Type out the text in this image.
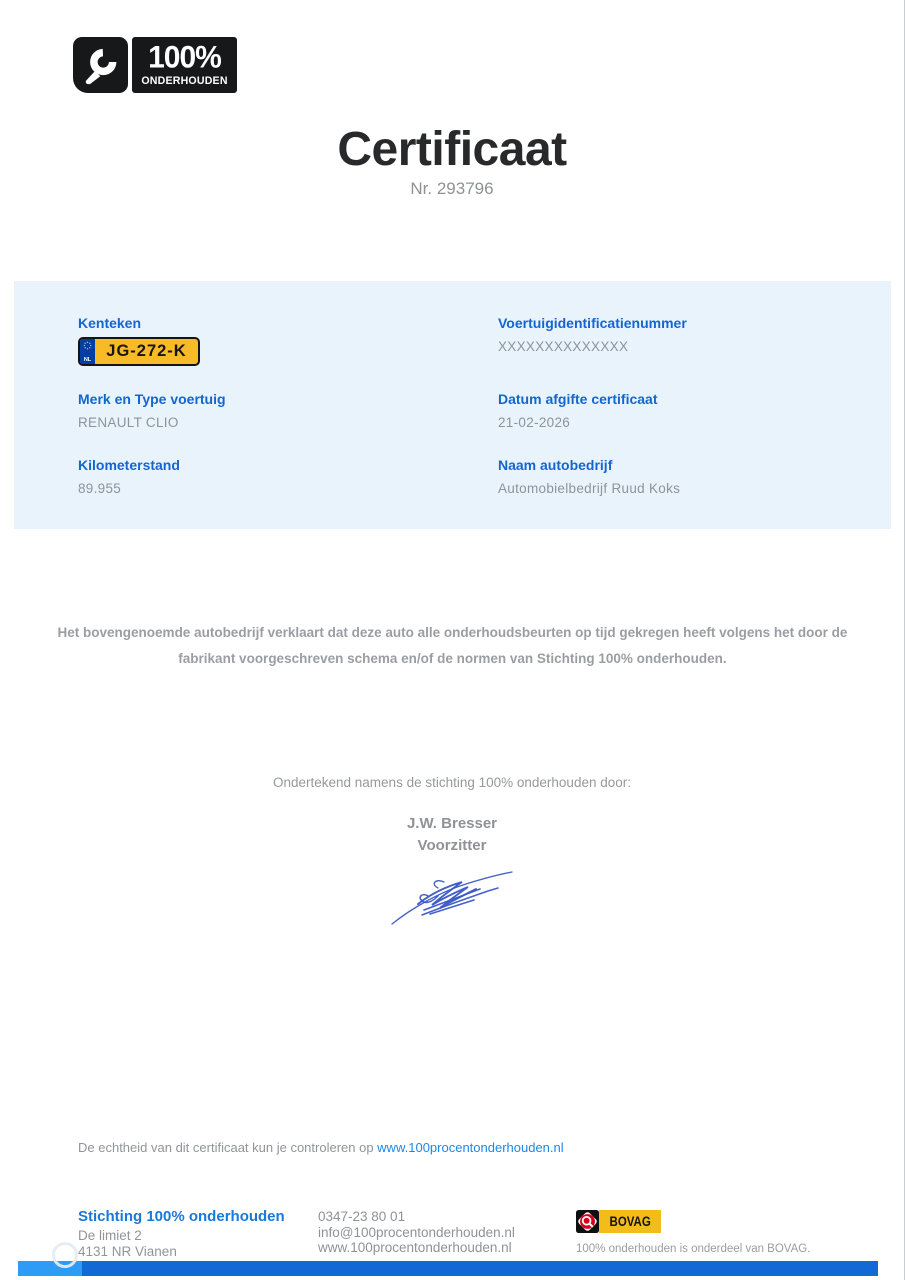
100%
ONDERHOUDEN
Certificaat
Nr. 293796
Kenteken
NL JG-272-K
Voertuigidentificatienummer
XXXXXXXXXXXXXX
Merk en Type voertuig
RENAULT CLIO
Datum afgifte certificaat
21-02-2026
Kilometerstand
89.955
Naam autobedrijf
Automobielbedrijf Ruud Koks
Het bovengenoemde autobedrijf verklaart dat deze auto alle onderhoudsbeurten op tijd gekregen heeft volgens het door de fabrikant voorgeschreven schema en/of de normen van Stichting 100% onderhouden.
Ondertekend namens de stichting 100% onderhouden door:
J.W. Bresser
Voorzitter
De echtheid van dit certificaat kun je controleren op www.100procentonderhouden.nl
Stichting 100% onderhouden
De limiet 2
4131 NR Vianen
0347-23 80 01
info@100procentonderhouden.nl
www.100procentonderhouden.nl
BOVAG
100% onderhouden is onderdeel van BOVAG.
